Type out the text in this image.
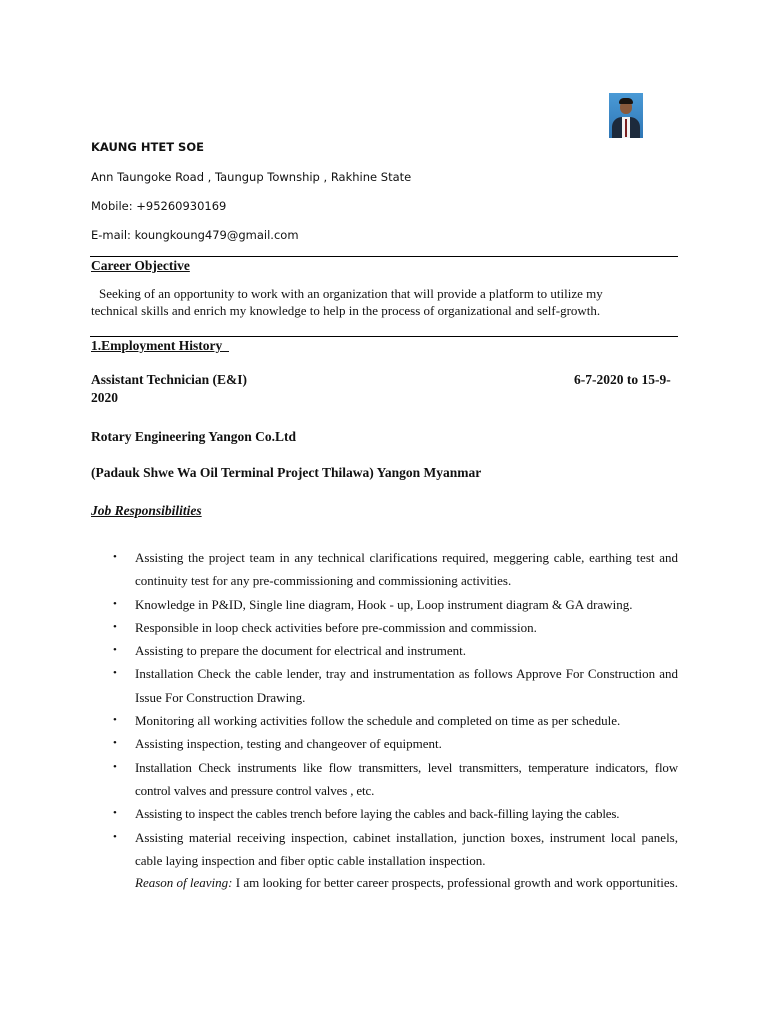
KAUNG HTET SOE
Ann Taungoke Road , Taungup Township , Rakhine State
Mobile: +95260930169
E-mail: koungkoung479@gmail.com
Career Objective
Seeking of an opportunity to work with an organization that will provide a platform to utilize my
technical skills and enrich my knowledge to help in the process of organizational and self-growth.
1.Employment History
Assistant Technician (E&I)	6-7-2020 to 15-9-
2020
Rotary Engineering Yangon Co.Ltd
(Padauk Shwe Wa Oil Terminal Project Thilawa) Yangon Myanmar
Job Responsibilities
• Assisting the project team in any technical clarifications required, meggering cable, earthing test and continuity test for any pre-commissioning and commissioning activities.
• Knowledge in P&ID, Single line diagram, Hook - up, Loop instrument diagram & GA drawing.
• Responsible in loop check activities before pre-commission and commission.
• Assisting to prepare the document for electrical and instrument.
• Installation Check the cable lender, tray and instrumentation as follows Approve For Construction and Issue For Construction Drawing.
• Monitoring all working activities follow the schedule and completed on time as per schedule.
• Assisting inspection, testing and changeover of equipment.
• Installation Check instruments like flow transmitters, level transmitters, temperature indicators, flow control valves and pressure control valves , etc.
• Assisting to inspect the cables trench before laying the cables and back-filling laying the cables.
• Assisting material receiving inspection, cabinet installation, junction boxes, instrument local panels, cable laying inspection and fiber optic cable installation inspection.
Reason of leaving: I am looking for better career prospects, professional growth and work opportunities.
